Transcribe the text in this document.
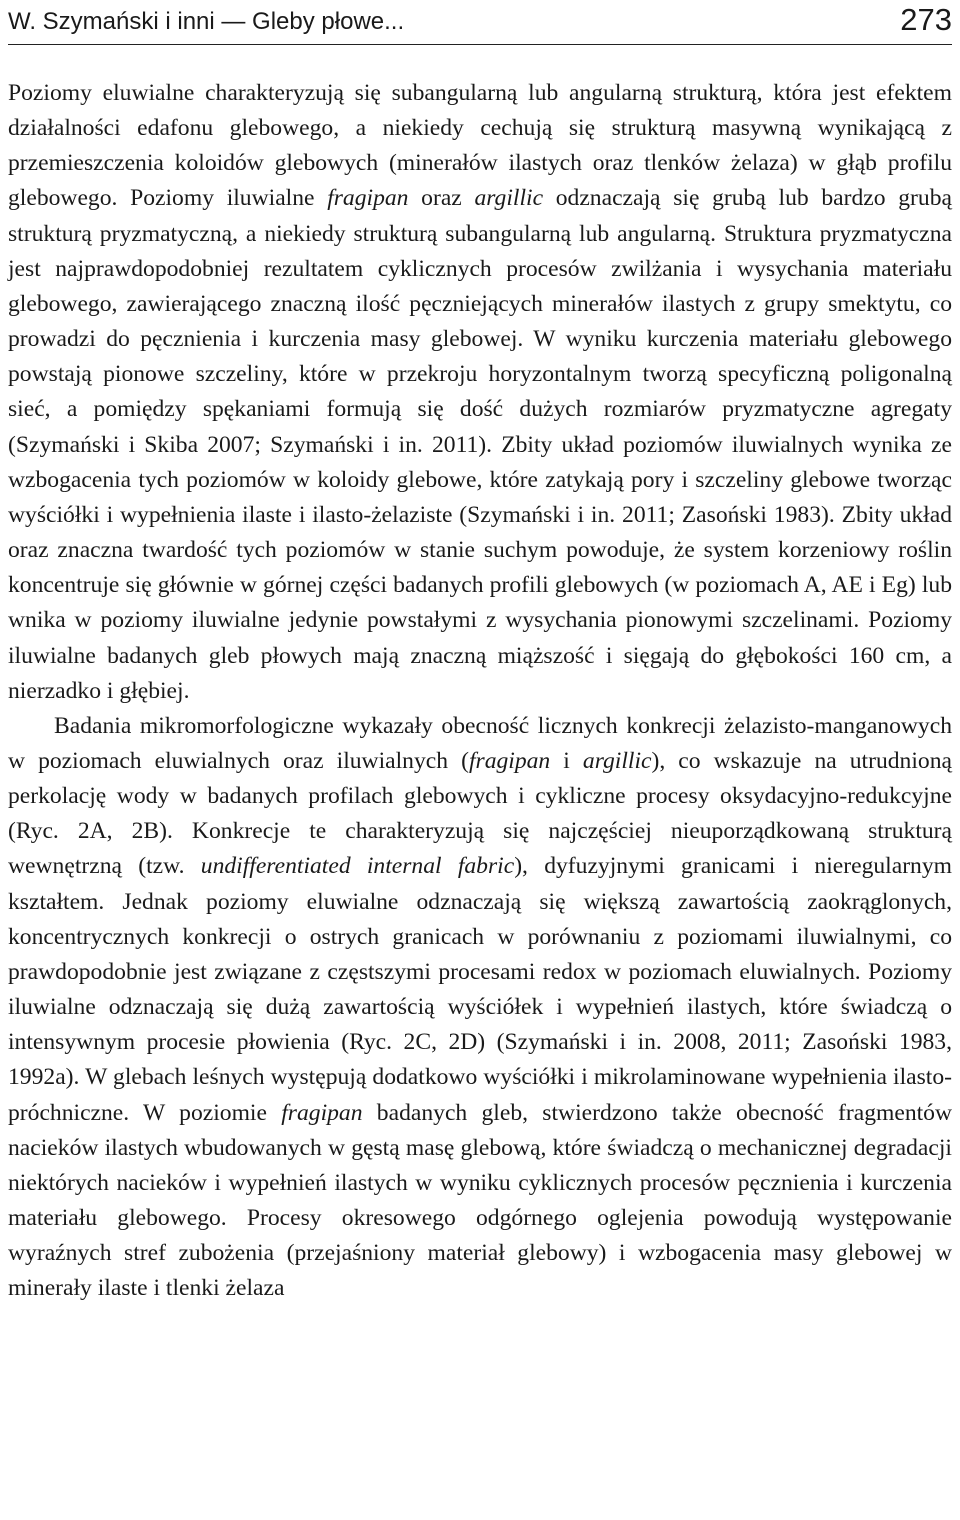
W. Szymański i inni — Gleby płowe...	273

Poziomy eluwialne charakteryzują się subangularną lub angularną strukturą, która jest efektem działalności edafonu glebowego, a niekiedy cechują się strukturą masywną wynikającą z przemieszczenia koloidów glebowych (minerałów ilastych oraz tlenków żelaza) w głąb profilu glebowego. Poziomy iluwialne fragipan oraz argillic odznaczają się grubą lub bardzo grubą strukturą pryzmatyczną, a niekiedy strukturą subangularną lub angularną. Struktura pryzmatyczna jest najprawdopodobniej rezultatem cyklicznych procesów zwilżania i wysychania materiału glebowego, zawierającego znaczną ilość pęczniejących minerałów ilastych z grupy smektytu, co prowadzi do pęcznienia i kurczenia masy glebowej. W wyniku kurczenia materiału glebowego powstają pionowe szczeliny, które w przekroju horyzontalnym tworzą specyficzną poligonalną sieć, a pomiędzy spękaniami formują się dość dużych rozmiarów pryzmatyczne agregaty (Szymański i Skiba 2007; Szymański i in. 2011). Zbity układ poziomów iluwialnych wynika ze wzbogacenia tych poziomów w koloidy glebowe, które zatykają pory i szczeliny glebowe tworząc wyściółki i wypełnienia ilaste i ilasto-żelaziste (Szymański i in. 2011; Zasoński 1983). Zbity układ oraz znaczna twardość tych poziomów w stanie suchym powoduje, że system korzeniowy roślin koncentruje się głównie w górnej części badanych profili glebowych (w poziomach A, AE i Eg) lub wnika w poziomy iluwialne jedynie powstałymi z wysychania pionowymi szczelinami. Poziomy iluwialne badanych gleb płowych mają znaczną miąższość i sięgają do głębokości 160 cm, a nierzadko i głębiej.

Badania mikromorfologiczne wykazały obecność licznych konkrecji żelazisto-manganowych w poziomach eluwialnych oraz iluwialnych (fragipan i argillic), co wskazuje na utrudnioną perkolację wody w badanych profilach glebowych i cykliczne procesy oksydacyjno-redukcyjne (Ryc. 2A, 2B). Konkrecje te charakteryzują się najczęściej nieuporządkowaną strukturą wewnętrzną (tzw. undifferentiated internal fabric), dyfuzyjnymi granicami i nieregularnym kształtem. Jednak poziomy eluwialne odznaczają się większą zawartością zaokrąglonych, koncentrycznych konkrecji o ostrych granicach w porównaniu z poziomami iluwialnymi, co prawdopodobnie jest związane z częstszymi procesami redox w poziomach eluwialnych. Poziomy iluwialne odznaczają się dużą zawartością wyściółek i wypełnień ilastych, które świadczą o intensywnym procesie płowienia (Ryc. 2C, 2D) (Szymański i in. 2008, 2011; Zasoński 1983, 1992a). W glebach leśnych występują dodatkowo wyściółki i mikrolaminowane wypełnienia ilasto-próchniczne. W poziomie fragipan badanych gleb, stwierdzono także obecność fragmentów nacieków ilastych wbudowanych w gęstą masę glebową, które świadczą o mechanicznej degradacji niektórych nacieków i wypełnień ilastych w wyniku cyklicznych procesów pęcznienia i kurczenia materiału glebowego. Procesy okresowego odgórnego oglejenia powodują występowanie wyraźnych stref zubożenia (przejaśniony materiał glebowy) i wzbogacenia masy glebowej w minerały ilaste i tlenki żelaza
